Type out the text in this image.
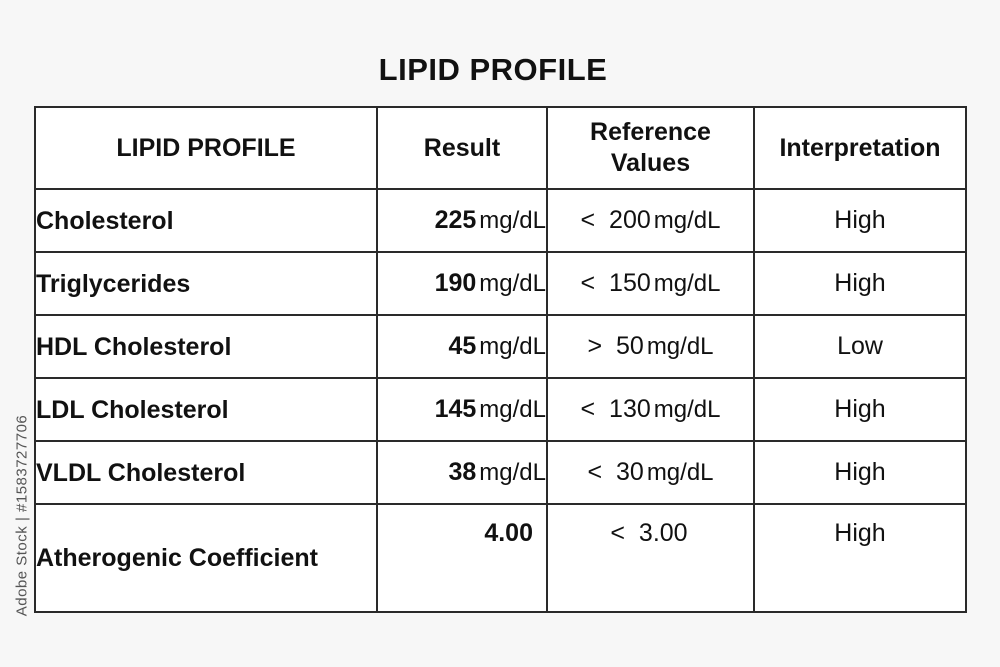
LIPID PROFILE
Adobe Stock | #1583727706
LIPID PROFILE	Result	Reference Values	Interpretation
Cholesterol	225 mg/dL	< 200 mg/dL	High
Triglycerides	190 mg/dL	< 150 mg/dL	High
HDL Cholesterol	45 mg/dL	> 50 mg/dL	Low
LDL Cholesterol	145 mg/dL	< 130 mg/dL	High
VLDL Cholesterol	38 mg/dL	< 30 mg/dL	High
Atherogenic Coefficient	4.00	< 3.00	High
